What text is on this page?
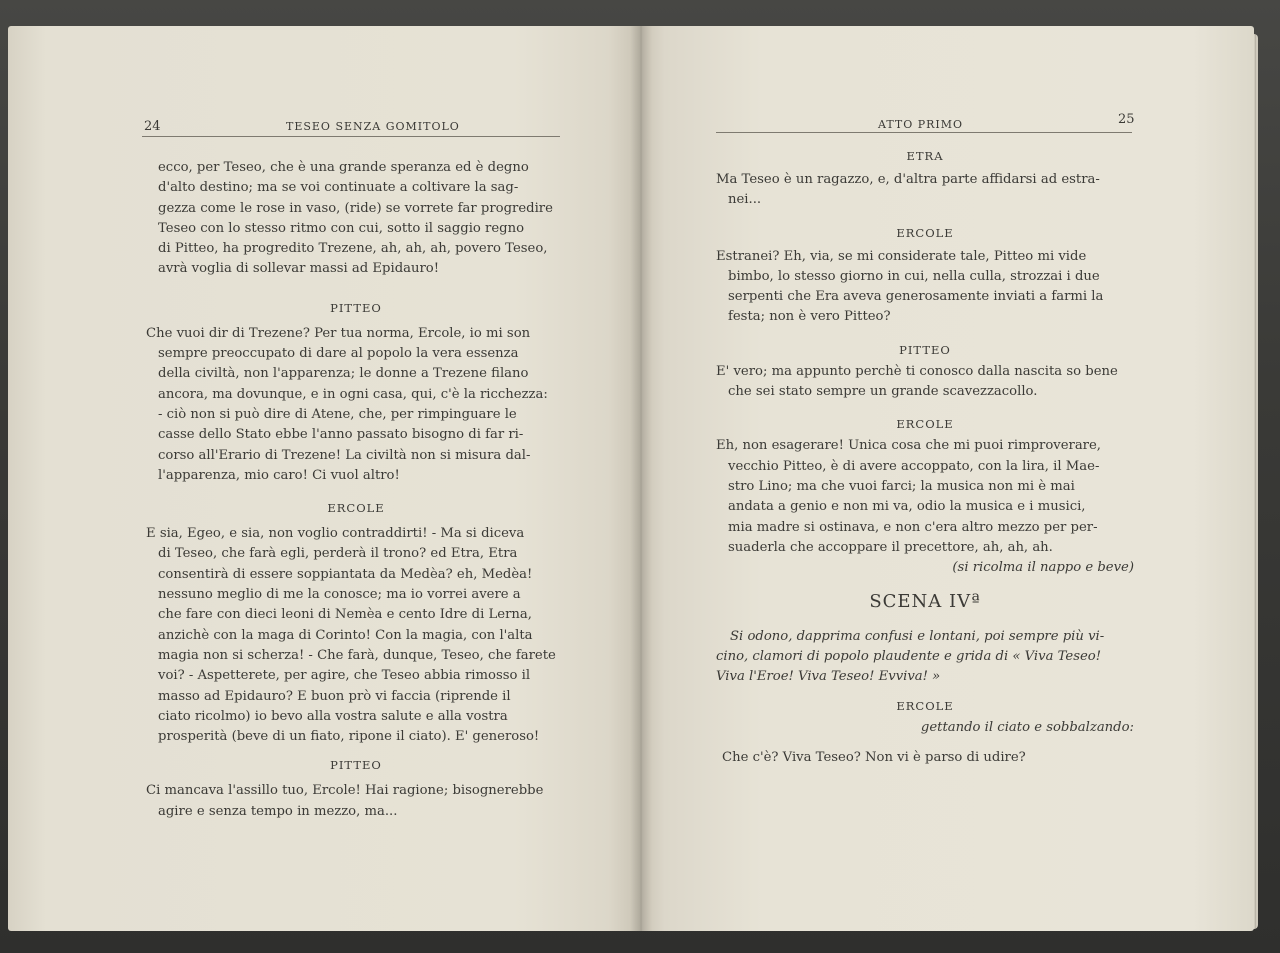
24	TESEO SENZA GOMITOLO
ecco, per Teseo, che è una grande speranza ed è degno
d'alto destino; ma se voi continuate a coltivare la sag-
gezza come le rose in vaso, (ride) se vorrete far progredire
Teseo con lo stesso ritmo con cui, sotto il saggio regno
di Pitteo, ha progredito Trezene, ah, ah, ah, povero Teseo,
avrà voglia di sollevar massi ad Epidauro!
PITTEO
Che vuoi dir di Trezene? Per tua norma, Ercole, io mi son
sempre preoccupato di dare al popolo la vera essenza
della civiltà, non l'apparenza; le donne a Trezene filano
ancora, ma dovunque, e in ogni casa, qui, c'è la ricchezza:
- ciò non si può dire di Atene, che, per rimpinguare le
casse dello Stato ebbe l'anno passato bisogno di far ri-
corso all'Erario di Trezene! La civiltà non si misura dal-
l'apparenza, mio caro! Ci vuol altro!
ERCOLE
E sia, Egeo, e sia, non voglio contraddirti! - Ma si diceva
di Teseo, che farà egli, perderà il trono? ed Etra, Etra
consentirà di essere soppiantata da Medèa? eh, Medèa!
nessuno meglio di me la conosce; ma io vorrei avere a
che fare con dieci leoni di Nemèa e cento Idre di Lerna,
anzichè con la maga di Corinto! Con la magia, con l'alta
magia non si scherza! - Che farà, dunque, Teseo, che farete
voi? - Aspetterete, per agire, che Teseo abbia rimosso il
masso ad Epidauro? E buon prò vi faccia (riprende il
ciato ricolmo) io bevo alla vostra salute e alla vostra
prosperità (beve di un fiato, ripone il ciato). E' generoso!
PITTEO
Ci mancava l'assillo tuo, Ercole! Hai ragione; bisognerebbe
agire e senza tempo in mezzo, ma...
ATTO PRIMO	25
ETRA
Ma Teseo è un ragazzo, e, d'altra parte affidarsi ad estra-
nei...
ERCOLE
Estranei? Eh, via, se mi considerate tale, Pitteo mi vide
bimbo, lo stesso giorno in cui, nella culla, strozzai i due
serpenti che Era aveva generosamente inviati a farmi la
festa; non è vero Pitteo?
PITTEO
E' vero; ma appunto perchè ti conosco dalla nascita so bene
che sei stato sempre un grande scavezzacollo.
ERCOLE
Eh, non esagerare! Unica cosa che mi puoi rimproverare,
vecchio Pitteo, è di avere accoppato, con la lira, il Mae-
stro Lino; ma che vuoi farci; la musica non mi è mai
andata a genio e non mi va, odio la musica e i musici,
mia madre si ostinava, e non c'era altro mezzo per per-
suaderla che accoppare il precettore, ah, ah, ah.
(si ricolma il nappo e beve)
SCENA IVª
Si odono, dapprima confusi e lontani, poi sempre più vi-
cino, clamori di popolo plaudente e grida di « Viva Teseo!
Viva l'Eroe! Viva Teseo! Evviva! »
ERCOLE
gettando il ciato e sobbalzando:
Che c'è? Viva Teseo? Non vi è parso di udire?
